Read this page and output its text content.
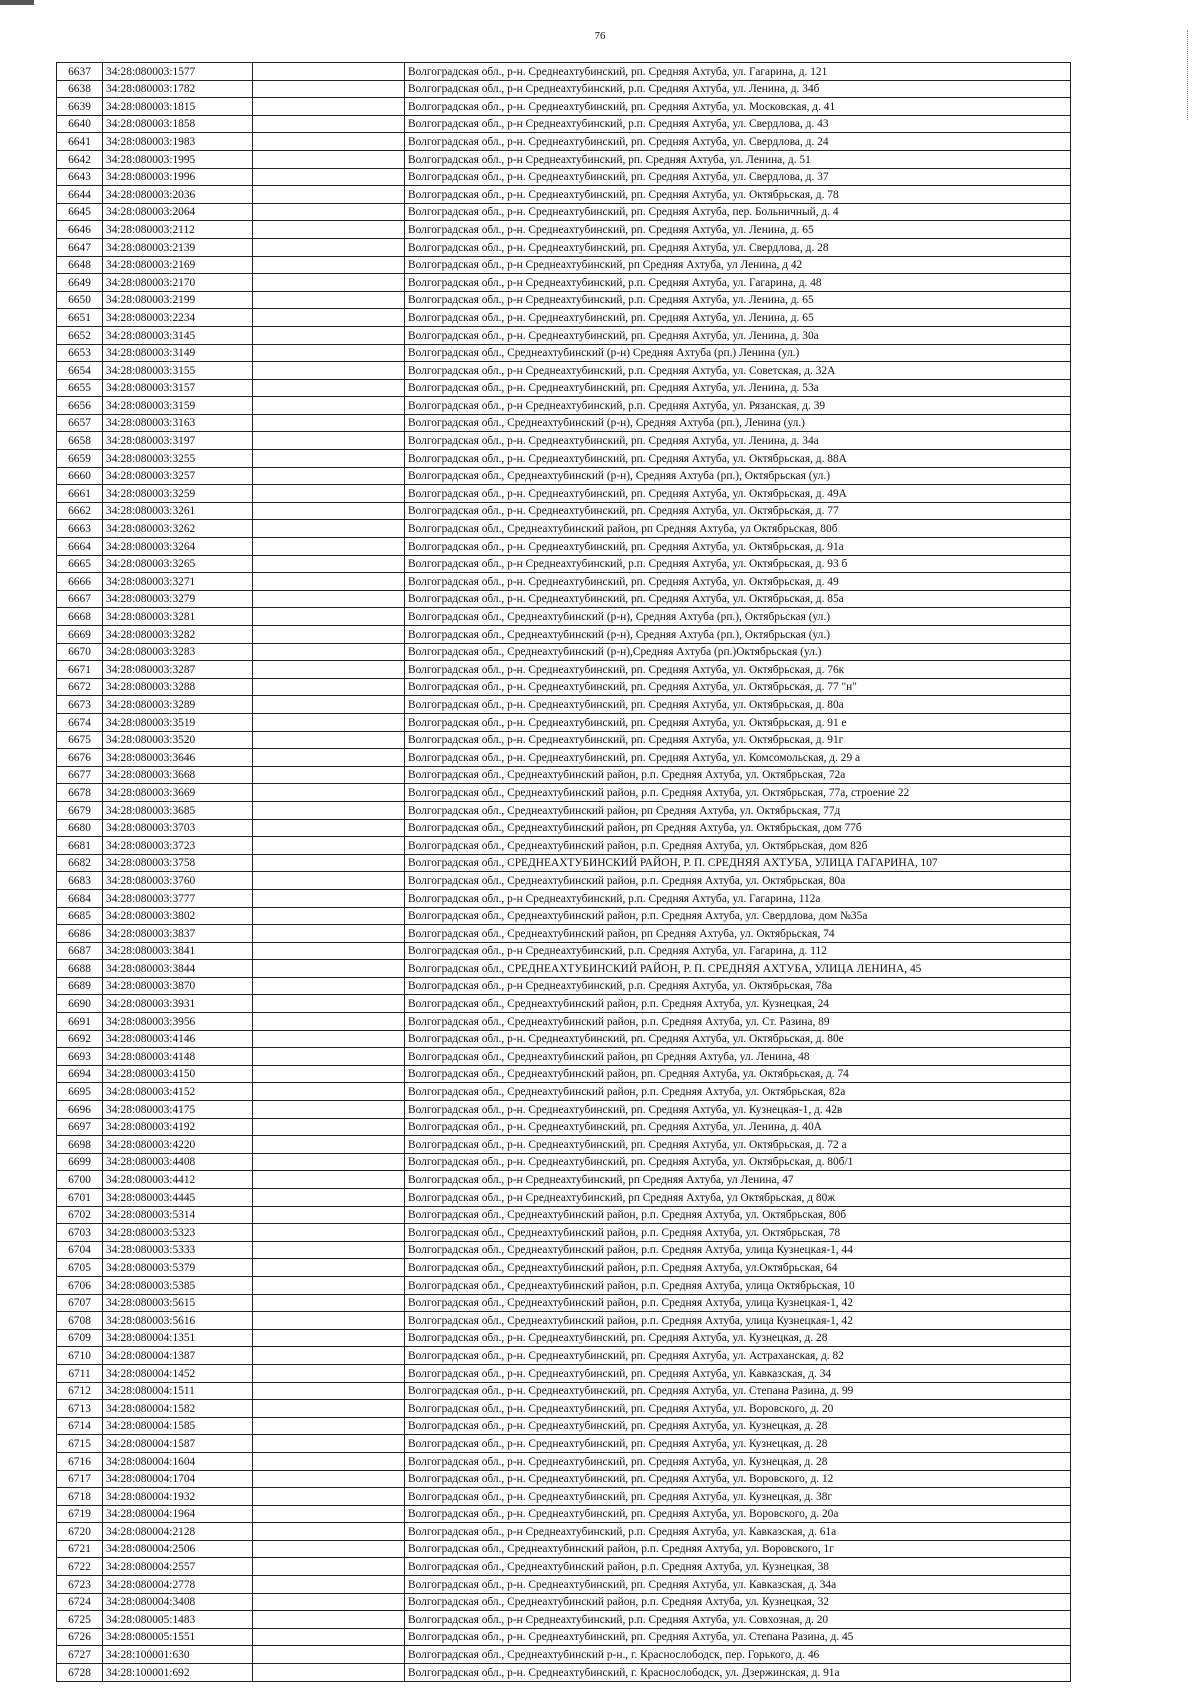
76
6637	34:28:080003:1577		Волгоградская обл., р-н. Среднеахтубинский, рп. Средняя Ахтуба, ул. Гагарина, д. 121
6638	34:28:080003:1782		Волгоградская обл., р-н Среднеахтубинский, р.п. Средняя Ахтуба, ул. Ленина, д. 34б
6639	34:28:080003:1815		Волгоградская обл., р-н. Среднеахтубинский, рп. Средняя Ахтуба, ул. Московская, д. 41
6640	34:28:080003:1858		Волгоградская обл., р-н Среднеахтубинский, р.п. Средняя Ахтуба, ул. Свердлова, д. 43
6641	34:28:080003:1983		Волгоградская обл., р-н. Среднеахтубинский, рп. Средняя Ахтуба, ул. Свердлова, д. 24
6642	34:28:080003:1995		Волгоградская обл., р-н Среднеахтубинский, рп. Средняя Ахтуба, ул. Ленина, д. 51
6643	34:28:080003:1996		Волгоградская обл., р-н. Среднеахтубинский, рп. Средняя Ахтуба, ул. Свердлова, д. 37
6644	34:28:080003:2036		Волгоградская обл., р-н. Среднеахтубинский, рп. Средняя Ахтуба, ул. Октябрьская, д. 78
6645	34:28:080003:2064		Волгоградская обл., р-н. Среднеахтубинский, рп. Средняя Ахтуба, пер. Больничный, д. 4
6646	34:28:080003:2112		Волгоградская обл., р-н. Среднеахтубинский, рп. Средняя Ахтуба, ул. Ленина, д. 65
6647	34:28:080003:2139		Волгоградская обл., р-н. Среднеахтубинский, рп. Средняя Ахтуба, ул. Свердлова, д. 28
6648	34:28:080003:2169		Волгоградская обл., р-н Среднеахтубинский, рп Средняя Ахтуба, ул Ленина, д 42
6649	34:28:080003:2170		Волгоградская обл., р-н Среднеахтубинский, р.п. Средняя Ахтуба, ул. Гагарина, д. 48
6650	34:28:080003:2199		Волгоградская обл., р-н Среднеахтубинский, р.п. Средняя Ахтуба, ул. Ленина, д. 65
6651	34:28:080003:2234		Волгоградская обл., р-н. Среднеахтубинский, рп. Средняя Ахтуба, ул. Ленина, д. 65
6652	34:28:080003:3145		Волгоградская обл., р-н. Среднеахтубинский, рп. Средняя Ахтуба, ул. Ленина, д. 30а
6653	34:28:080003:3149		Волгоградская обл., Среднеахтубинский (р-н) Средняя Ахтуба (рп.) Ленина (ул.)
6654	34:28:080003:3155		Волгоградская обл., р-н Среднеахтубинский, р.п. Средняя Ахтуба, ул. Советская, д. 32А
6655	34:28:080003:3157		Волгоградская обл., р-н. Среднеахтубинский, рп. Средняя Ахтуба, ул. Ленина, д. 53а
6656	34:28:080003:3159		Волгоградская обл., р-н Среднеахтубинский, р.п. Средняя Ахтуба, ул. Рязанская, д. 39
6657	34:28:080003:3163		Волгоградская обл., Среднеахтубинский (р-н), Средняя Ахтуба (рп.), Ленина (ул.)
6658	34:28:080003:3197		Волгоградская обл., р-н. Среднеахтубинский, рп. Средняя Ахтуба, ул. Ленина, д. 34а
6659	34:28:080003:3255		Волгоградская обл., р-н. Среднеахтубинский, рп. Средняя Ахтуба, ул. Октябрьская, д. 88А
6660	34:28:080003:3257		Волгоградская обл., Среднеахтубинский (р-н), Средняя Ахтуба (рп.), Октябрьская (ул.)
6661	34:28:080003:3259		Волгоградская обл., р-н. Среднеахтубинский, рп. Средняя Ахтуба, ул. Октябрьская, д. 49А
6662	34:28:080003:3261		Волгоградская обл., р-н. Среднеахтубинский, рп. Средняя Ахтуба, ул. Октябрьская, д. 77
6663	34:28:080003:3262		Волгоградская обл., Среднеахтубинский район, рп Средняя Ахтуба, ул Октябрьская, 80б
6664	34:28:080003:3264		Волгоградская обл., р-н. Среднеахтубинский, рп. Средняя Ахтуба, ул. Октябрьская, д. 91а
6665	34:28:080003:3265		Волгоградская обл., р-н Среднеахтубинский, р.п. Средняя Ахтуба, ул. Октябрьская, д. 93 б
6666	34:28:080003:3271		Волгоградская обл., р-н. Среднеахтубинский, рп. Средняя Ахтуба, ул. Октябрьская, д. 49
6667	34:28:080003:3279		Волгоградская обл., р-н. Среднеахтубинский, рп. Средняя Ахтуба, ул. Октябрьская, д. 85а
6668	34:28:080003:3281		Волгоградская обл., Среднеахтубинский (р-н), Средняя Ахтуба (рп.), Октябрьская (ул.)
6669	34:28:080003:3282		Волгоградская обл., Среднеахтубинский (р-н), Средняя Ахтуба (рп.), Октябрьская (ул.)
6670	34:28:080003:3283		Волгоградская обл., Среднеахтубинский (р-н),Средняя Ахтуба (рп.)Октябрьская (ул.)
6671	34:28:080003:3287		Волгоградская обл., р-н. Среднеахтубинский, рп. Средняя Ахтуба, ул. Октябрьская, д. 76к
6672	34:28:080003:3288		Волгоградская обл., р-н. Среднеахтубинский, рп. Средняя Ахтуба, ул. Октябрьская, д. 77 "н"
6673	34:28:080003:3289		Волгоградская обл., р-н. Среднеахтубинский, рп. Средняя Ахтуба, ул. Октябрьская, д. 80а
6674	34:28:080003:3519		Волгоградская обл., р-н. Среднеахтубинский, рп. Средняя Ахтуба, ул. Октябрьская, д. 91 е
6675	34:28:080003:3520		Волгоградская обл., р-н. Среднеахтубинский, рп. Средняя Ахтуба, ул. Октябрьская, д. 91г
6676	34:28:080003:3646		Волгоградская обл., р-н. Среднеахтубинский, рп. Средняя Ахтуба, ул. Комсомольская, д. 29 а
6677	34:28:080003:3668		Волгоградская обл., Среднеахтубинский район, р.п. Средняя Ахтуба, ул. Октябрьская, 72а
6678	34:28:080003:3669		Волгоградская обл., Среднеахтубинский район, р.п. Средняя Ахтуба, ул. Октябрьская, 77а, строение 22
6679	34:28:080003:3685		Волгоградская обл., Среднеахтубинский район, рп Средняя Ахтуба, ул. Октябрьская, 77д
6680	34:28:080003:3703		Волгоградская обл., Среднеахтубинский район, рп Средняя Ахтуба, ул. Октябрьская, дом 77б
6681	34:28:080003:3723		Волгоградская обл., Среднеахтубинский район, р.п. Средняя Ахтуба, ул. Октябрьская, дом 82б
6682	34:28:080003:3758		Волгоградская обл., СРЕДНЕАХТУБИНСКИЙ РАЙОН, Р. П. СРЕДНЯЯ АХТУБА, УЛИЦА ГАГАРИНА, 107
6683	34:28:080003:3760		Волгоградская обл., Среднеахтубинский район, р.п. Средняя Ахтуба, ул. Октябрьская, 80а
6684	34:28:080003:3777		Волгоградская обл., р-н Среднеахтубинский, р.п. Средняя Ахтуба, ул. Гагарина, 112а
6685	34:28:080003:3802		Волгоградская обл., Среднеахтубинский район, р.п. Средняя Ахтуба, ул. Свердлова, дом №35а
6686	34:28:080003:3837		Волгоградская обл., Среднеахтубинский район, рп Средняя Ахтуба, ул. Октябрьская, 74
6687	34:28:080003:3841		Волгоградская обл., р-н Среднеахтубинский, р.п. Средняя Ахтуба, ул. Гагарина, д. 112
6688	34:28:080003:3844		Волгоградская обл., СРЕДНЕАХТУБИНСКИЙ РАЙОН, Р. П. СРЕДНЯЯ АХТУБА, УЛИЦА ЛЕНИНА, 45
6689	34:28:080003:3870		Волгоградская обл., р-н Среднеахтубинский, р.п. Средняя Ахтуба, ул. Октябрьская, 78а
6690	34:28:080003:3931		Волгоградская обл., Среднеахтубинский район, р.п. Средняя Ахтуба, ул. Кузнецкая, 24
6691	34:28:080003:3956		Волгоградская обл., Среднеахтубинский район, р.п. Средняя Ахтуба, ул. Ст. Разина, 89
6692	34:28:080003:4146		Волгоградская обл., р-н. Среднеахтубинский, рп. Средняя Ахтуба, ул. Октябрьская, д. 80е
6693	34:28:080003:4148		Волгоградская обл., Среднеахтубинский район, рп Средняя Ахтуба, ул. Ленина, 48
6694	34:28:080003:4150		Волгоградская обл., Среднеахтубинский район, рп. Средняя Ахтуба, ул. Октябрьская, д. 74
6695	34:28:080003:4152		Волгоградская обл., Среднеахтубинский район, р.п. Средняя Ахтуба, ул. Октябрьская, 82а
6696	34:28:080003:4175		Волгоградская обл., р-н. Среднеахтубинский, рп. Средняя Ахтуба, ул. Кузнецкая-1, д. 42в
6697	34:28:080003:4192		Волгоградская обл., р-н. Среднеахтубинский, рп. Средняя Ахтуба, ул. Ленина, д. 40А
6698	34:28:080003:4220		Волгоградская обл., р-н. Среднеахтубинский, рп. Средняя Ахтуба, ул. Октябрьская, д. 72 а
6699	34:28:080003:4408		Волгоградская обл., р-н. Среднеахтубинский, рп. Средняя Ахтуба, ул. Октябрьская, д. 80б/1
6700	34:28:080003:4412		Волгоградская обл., р-н Среднеахтубинский, рп Средняя Ахтуба, ул Ленина, 47
6701	34:28:080003:4445		Волгоградская обл., р-н Среднеахтубинский, рп Средняя Ахтуба, ул Октябрьская, д 80ж
6702	34:28:080003:5314		Волгоградская обл., Среднеахтубинский район, р.п. Средняя Ахтуба, ул. Октябрьская, 80б
6703	34:28:080003:5323		Волгоградская обл., Среднеахтубинский район, р.п. Средняя Ахтуба, ул. Октябрьская, 78
6704	34:28:080003:5333		Волгоградская обл., Среднеахтубинский район, р.п. Средняя Ахтуба, улица Кузнецкая-1, 44
6705	34:28:080003:5379		Волгоградская обл., Среднеахтубинский район, р.п. Средняя Ахтуба, ул.Октябрьская, 64
6706	34:28:080003:5385		Волгоградская обл., Среднеахтубинский район, р.п. Средняя Ахтуба, улица Октябрьская, 10
6707	34:28:080003:5615		Волгоградская обл., Среднеахтубинский район, р.п. Средняя Ахтуба, улица Кузнецкая-1, 42
6708	34:28:080003:5616		Волгоградская обл., Среднеахтубинский район, р.п. Средняя Ахтуба, улица Кузнецкая-1, 42
6709	34:28:080004:1351		Волгоградская обл., р-н. Среднеахтубинский, рп. Средняя Ахтуба, ул. Кузнецкая, д. 28
6710	34:28:080004:1387		Волгоградская обл., р-н. Среднеахтубинский, рп. Средняя Ахтуба, ул. Астраханская, д. 82
6711	34:28:080004:1452		Волгоградская обл., р-н. Среднеахтубинский, рп. Средняя Ахтуба, ул. Кавказская, д. 34
6712	34:28:080004:1511		Волгоградская обл., р-н. Среднеахтубинский, рп. Средняя Ахтуба, ул. Степана Разина, д. 99
6713	34:28:080004:1582		Волгоградская обл., р-н. Среднеахтубинский, рп. Средняя Ахтуба, ул. Воровского, д. 20
6714	34:28:080004:1585		Волгоградская обл., р-н. Среднеахтубинский, рп. Средняя Ахтуба, ул. Кузнецкая, д. 28
6715	34:28:080004:1587		Волгоградская обл., р-н. Среднеахтубинский, рп. Средняя Ахтуба, ул. Кузнецкая, д. 28
6716	34:28:080004:1604		Волгоградская обл., р-н. Среднеахтубинский, рп. Средняя Ахтуба, ул. Кузнецкая, д. 28
6717	34:28:080004:1704		Волгоградская обл., р-н. Среднеахтубинский, рп. Средняя Ахтуба, ул. Воровского, д. 12
6718	34:28:080004:1932		Волгоградская обл., р-н. Среднеахтубинский, рп. Средняя Ахтуба, ул. Кузнецкая, д. 38г
6719	34:28:080004:1964		Волгоградская обл., р-н. Среднеахтубинский, рп. Средняя Ахтуба, ул. Воровского, д. 20а
6720	34:28:080004:2128		Волгоградская обл., р-н Среднеахтубинский, р.п. Средняя Ахтуба, ул. Кавказская, д. 61а
6721	34:28:080004:2506		Волгоградская обл., Среднеахтубинский район, р.п. Средняя Ахтуба, ул. Воровского, 1г
6722	34:28:080004:2557		Волгоградская обл., Среднеахтубинский район, р.п. Средняя Ахтуба, ул. Кузнецкая, 38
6723	34:28:080004:2778		Волгоградская обл., р-н. Среднеахтубинский, рп. Средняя Ахтуба, ул. Кавказская, д. 34а
6724	34:28:080004:3408		Волгоградская обл., Среднеахтубинский район, р.п. Средняя Ахтуба, ул. Кузнецкая, 32
6725	34:28:080005:1483		Волгоградская обл., р-н Среднеахтубинский, р.п. Средняя Ахтуба, ул. Совхозная, д. 20
6726	34:28:080005:1551		Волгоградская обл., р-н. Среднеахтубинский, рп. Средняя Ахтуба, ул. Степана Разина, д. 45
6727	34:28:100001:630		Волгоградская обл., Среднеахтубинский р-н., г. Краснослободск, пер. Горького, д. 46
6728	34:28:100001:692		Волгоградская обл., р-н. Среднеахтубинский, г. Краснослободск, ул. Дзержинская, д. 91а
